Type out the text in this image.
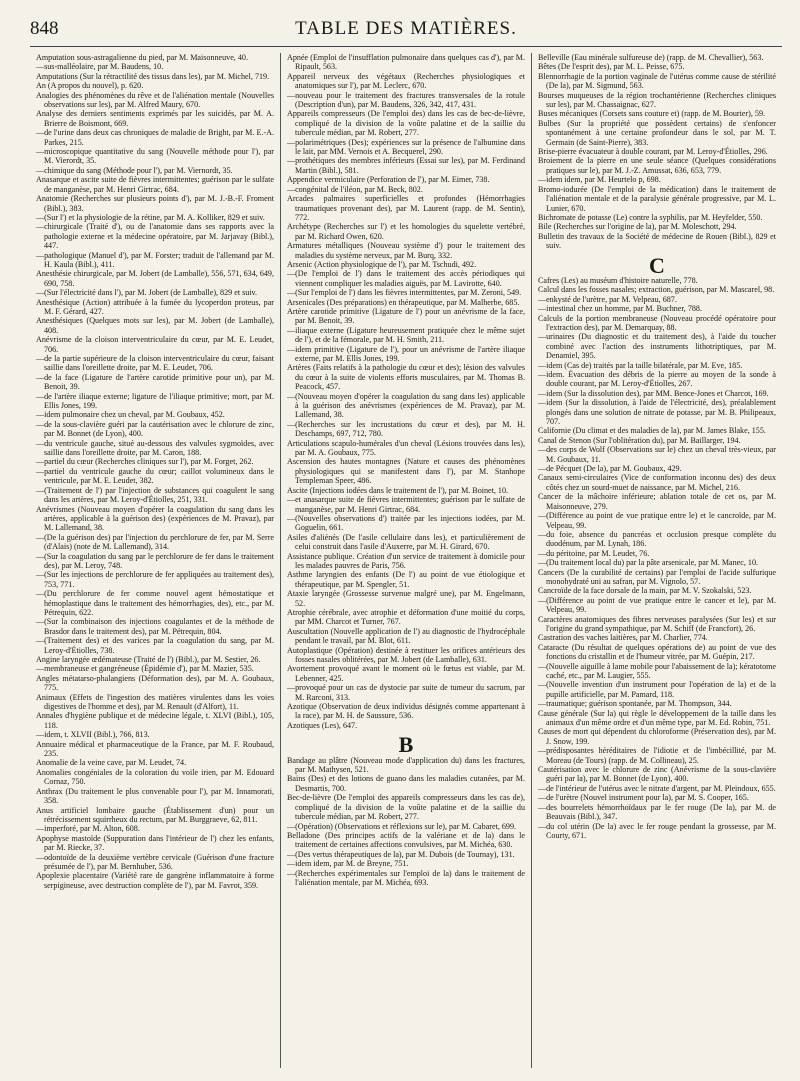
848	TABLE DES MATIÈRES.

Amputation sous-astragalienne du pied, par M. Maisonneuve, 40.

—sus-malléolaire, par M. Baudens, 10.

Amputations (Sur la rétractilité des tissus dans les), par M. Michel, 719.

An (A propos du nouvel), p. 620.

Analogies des phénomènes du rêve et de l'aliénation mentale (Nouvelles observations sur les), par M. Alfred Maury, 670.

Analyse des derniers sentiments exprimés par les suicidés, par M. A. Brierre de Boismont, 669.

—de l'urine dans deux cas chroniques de maladie de Bright, par M. E.-A. Parkes, 215.

—microscopique quantitative du sang (Nouvelle méthode pour l'), par M. Vierordt, 35.

—chimique du sang (Méthode pour l'), par M. Viernordt, 35.

Anasarque et ascite suite de fièvres intermittentes; guérison par le sulfate de manganèse, par M. Henri Girtrac, 684.

Anatomie (Recherches sur plusieurs points d'), par M. J.-B.-F. Froment (Bibl.), 383.

—(Sur l') et la physiologie de la rétine, par M. A. Kolliker, 829 et suiv.

—chirurgicale (Traité d'), ou de l'anatomie dans ses rapports avec la pathologie externe et la médecine opératoire, par M. Jarjavay (Bibl.), 447.

—pathologique (Manuel d'), par M. Forster; traduit de l'allemand par M. H. Kaula (Bibl.), 411.

Anesthésie chirurgicale, par M. Jobert (de Lamballe), 556, 571, 634, 649, 690, 758.

—(Sur l'électricité dans l'), par M. Jobert (de Lamballe), 829 et suiv.

Anesthésique (Action) attribuée à la fumée du lycoperdon proteus, par M. F. Gérard, 427.

Anesthésiques (Quelques mots sur les), par M. Jobert (de Lamballe), 408.

Anévrisme de la cloison interventriculaire du cœur, par M. E. Leudet, 706.

—de la partie supérieure de la cloison interventriculaire du cœur, faisant saillie dans l'oreillette droite, par M. E. Leudet, 706.

—de la face (Ligature de l'artère carotide primitive pour un), par M. Benoit, 39.

—de l'artère iliaque externe; ligature de l'iliaque primitive; mort, par M. Ellis Jones, 199.

—idem pulmonaire chez un cheval, par M. Goubaux, 452.

—de la sous-clavière guéri par la cautérisation avec le chlorure de zinc, par M. Bonnet (de Lyon), 400.

—du ventricule gauche, situé au-dessous des valvules sygmoïdes, avec saillie dans l'oreillette droite, par M. Caron, 188.

—partiel du cœur (Recherches cliniques sur l'), par M. Forget, 262.

—partiel du ventricule gauche du cœur; caillot volumineux dans le ventricule, par M. E. Leudet, 382.

—(Traitement de l') par l'injection de substances qui coagulent le sang dans les artères, par M. Leroy-d'Étiolles, 251, 331.

Anévrismes (Nouveau moyen d'opérer la coagulation du sang dans les artères, applicable à la guérison des) (expériences de M. Pravaz), par M. Lallemand, 38.

—(De la guérison des) par l'injection du perchlorure de fer, par M. Serre (d'Alais) (note de M. Lallemand), 314.

—(Sur la coagulation du sang par le perchlorure de fer dans le traitement des), par M. Leroy, 748.

—(Sur les injections de perchlorure de fer appliquées au traitement des), 753, 771.

—(Du perchlorure de fer comme nouvel agent hémostatique et hémoplastique dans le traitement des hémorrhagies, des), etc., par M. Pétrequin, 622.

—(Sur la combinaison des injections coagulantes et de la méthode de Brasdor dans le traitement des), par M. Pétrequin, 804.

—(Traitement des) et des varices par la coagulation du sang, par M. Leroy-d'Étiolles, 738.

Angine laryngée œdémateuse (Traité de l') (Bibl.), par M. Sestier, 26.

—membraneuse et gangréneuse (Épidémie d'), par M. Mazier, 535.

Angles métatarso-phalangiens (Déformation des), par M. A. Goubaux, 775.

Animaux (Effets de l'ingestion des matières virulentes dans les voies digestives de l'homme et des), par M. Renault (d'Alfort), 11.

Annales d'hygiène publique et de médecine légale, t. XLVI (Bibl.), 105, 118.

—idem, t. XLVII (Bibl.), 766, 813.

Annuaire médical et pharmaceutique de la France, par M. F. Roubaud, 235.

Anomalie de la veine cave, par M. Leudet, 74.

Anomalies congéniales de la coloration du voile irien, par M. Edouard Cornaz, 750.

Anthrax (Du traitement le plus convenable pour l'), par M. Innamorati, 358.

Anus artificiel lombaire gauche (Établissement d'un) pour un rétrécissement squirrheux du rectum, par M. Burggraeve, 62, 811.

—imperforé, par M. Alton, 608.

Apophyse mastoïde (Suppuration dans l'intérieur de l') chez les enfants, par M. Riecke, 37.

—odontoïde de la deuxième vertèbre cervicale (Guérison d'une fracture présumée de l'), par M. Bernhuber, 536.

Apoplexie placentaire (Variété rare de gangrène inflammatoire à forme serpigineuse, avec destruction complète de l'), par M. Favrot, 359.

Apnée (Emploi de l'insufflation pulmonaire dans quelques cas d'), par M. Ripault, 563.

Appareil nerveux des végétaux (Recherches physiologiques et anatomiques sur l'), par M. Leclerc, 670.

—nouveau pour le traitement des fractures transversales de la rotule (Description d'un), par M. Baudens, 326, 342, 417, 431.

Appareils compresseurs (De l'emploi des) dans les cas de bec-de-lièvre, compliqué de la division de la voûte palatine et de la saillie du tubercule médian, par M. Robert, 277.

—polarimétriques (Des); expériences sur la présence de l'albumine dans le lait, par MM. Vernois et A. Becquerel, 290.

—prothétiques des membres inférieurs (Essai sur les), par M. Ferdinand Martin (Bibl.), 581.

Appendice vermiculaire (Perforation de l'), par M. Eimer, 738.

—congénital de l'iléon, par M. Beck, 802.

Arcades palmaires superficielles et profondes (Hémorrhagies traumatiques provenant des), par M. Laurent (rapp. de M. Sentin), 772.

Archétype (Recherches sur l') et les homologies du squelette vertébré, par M. Richard Owen, 620.

Armatures métalliques (Nouveau système d') pour le traitement des maladies du système nerveux, par M. Burq, 332.

Arsenic (Action physiologique de l'), par M. Tschudi, 492.

—(De l'emploi de l') dans le traitement des accès périodiques qui viennent compliquer les maladies aiguës, par M. Lavirotte, 640.

—(Sur l'emploi de l') dans les fièvres intermittentes, par M. Zeroni, 549.

Arsenicales (Des préparations) en thérapeutique, par M. Malherbe, 685.

Artère carotide primitive (Ligature de l') pour un anévrisme de la face, par M. Benoit, 39.

—iliaque externe (Ligature heureusement pratiquée chez le même sujet de l'), et de la fémorale, par M. H. Smith, 211.

—idem primitive (Ligature de l'), pour un anévrisme de l'artère iliaque externe, par M. Ellis Jones, 199.

Artères (Faits relatifs à la pathologie du cœur et des); lésion des valvules du cœur à la suite de violents efforts musculaires, par M. Thomas B. Peacock, 457.

—(Nouveau moyen d'opérer la coagulation du sang dans les) applicable à la guérison des anévrismes (expériences de M. Pravaz), par M. Lallemand, 38.

—(Recherches sur les incrustations du cœur et des), par M. H. Deschamps, 697, 712, 780.

Articulations scapulo-humérales d'un cheval (Lésions trouvées dans les), par M. A. Goubaux, 775.

Ascension des hautes montagnes (Nature et causes des phénomènes physiologiques qui se manifestent dans l'), par M. Stanhope Templeman Speer, 486.

Ascite (Injections iodées dans le traitement de l'), par M. Boinet, 10.

—et anasarque suite de fièvres intermittentes; guérison par le sulfate de manganèse, par M. Henri Girtrac, 684.

—(Nouvelles observations d') traitée par les injections iodées, par M. Goguelin, 661.

Asiles d'aliénés (De l'asile cellulaire dans les), et particulièrement de celui construit dans l'asile d'Auxerre, par M. H. Girard, 670.

Assistance publique. Création d'un service de traitement à domicile pour les malades pauvres de Paris, 756.

Asthme laryngien des enfants (De l') au point de vue étiologique et thérapeutique, par M. Spengler, 51.

Ataxie laryngée (Grossesse survenue malgré une), par M. Engelmann, 52.

Atrophie cérébrale, avec atrophie et déformation d'une moitié du corps, par MM. Charcot et Turner, 767.

Auscultation (Nouvelle application de l') au diagnostic de l'hydrocéphale pendant le travail, par M. Blot, 611.

Autoplastique (Opération) destinée à restituer les orifices antérieurs des fosses nasales oblitérées, par M. Jobert (de Lamballe), 631.

Avortement provoqué avant le moment où le fœtus est viable, par M. Lebenner, 425.

—provoqué pour un cas de dystocie par suite de tumeur du sacrum, par M. Rarconi, 313.

Azotique (Observation de deux individus désignés comme appartenant à la race), par M. H. de Saussure, 536.

Azotiques (Les), 647.

B

Bandage au plâtre (Nouveau mode d'application du) dans les fractures, par M. Mathysen, 521.

Bains (Des) et des lotions de guano dans les maladies cutanées, par M. Desmartis, 700.

Bec-de-lièvre (De l'emploi des appareils compresseurs dans les cas de), compliqué de la division de la voûte palatine et de la saillie du tubercule médian, par M. Robert, 277.

—(Opération) (Observations et réflexions sur le), par M. Cabaret, 699.

Belladone (Des principes actifs de la valériane et de la) dans le traitement de certaines affections convulsives, par M. Michéa, 630.

—(Des vertus thérapeutiques de la), par M. Dubois (de Tournay), 131.

—idem idem, par M. de Breyne, 751.

—(Recherches expérimentales sur l'emploi de la) dans le traitement de l'aliénation mentale, par M. Michéa, 693.

Belleville (Eau minérale sulfureuse de) (rapp. de M. Chevallier), 563.

Bêtes (De l'esprit des), par M. L. Peisse, 675.

Blennorrhagie de la portion vaginale de l'utérus comme cause de stérilité (De la), par M. Sigmund, 563.

Bourses muqueuses de la région trochantérienne (Recherches cliniques sur les), par M. Chassaignac, 627.

Buses mécaniques (Corsets sans couture et) (rapp. de M. Bourier), 59.

Bulbes (Sur la propriété que possèdent certains) de s'enfoncer spontanément à une certaine profondeur dans le sol, par M. T. Germain (de Saint-Pierre), 383.

Brise-pierre évacuateur à double courant, par M. Leroy-d'Étiolles, 296.

Broiement de la pierre en une seule séance (Quelques considérations pratiques sur le), par M. J.-Z. Amussat, 636, 653, 779.

—idem idem, par M. Heurtelo p, 698.

Bromo-iodurée (De l'emploi de la médication) dans le traitement de l'aliénation mentale et de la paralysie générale progressive, par M. L. Lunier, 670.

Bichromate de potasse (Le) contre la syphilis, par M. Heyfelder, 550.

Bile (Recherches sur l'origine de la), par M. Moleschott, 294.

Bulletin des travaux de la Société de médecine de Rouen (Bibl.), 829 et suiv.

C

Cafres (Les) au muséum d'histoire naturelle, 778.

Calcul dans les fosses nasales; extraction, guérison, par M. Mascarel, 98.

—enkysté de l'urètre, par M. Velpeau, 687.

—intestinal chez un homme, par M. Buchner, 788.

Calculs de la portion membraneuse (Nouveau procédé opératoire pour l'extraction des), par M. Demarquay, 88.

—urinaires (Du diagnostic et du traitement des), à l'aide du toucher combiné avec l'action des instruments lithotriptiques, par M. Denamiel, 395.

—idem (Cas de) traités par la taille bilatérale, par M. Eve, 185.

—idem. Évacuation des débris de la pierre au moyen de la sonde à double courant, par M. Leroy-d'Étiolles, 267.

—idem (Sur la dissolution des), par MM. Bence-Jones et Charcot, 169.

—idem (Sur la dissolution, à l'aide de l'électricité, des), préalablement plongés dans une solution de nitrate de potasse, par M. B. Philipeaux, 707.

Californie (Du climat et des maladies de la), par M. James Blake, 155.

Canal de Stenon (Sur l'oblitération du), par M. Baillarger, 194.

—des corps de Wolf (Observations sur le) chez un cheval très-vieux, par M. Goubaux, 11.

—de Pécquet (De la), par M. Goubaux, 429.

Canaux semi-circulaires (Vice de conformation inconnu des) des deux côtés chez un sourd-muet de naissance, par M. Michel, 216.

Cancer de la mâchoire inférieure; ablation totale de cet os, par M. Maisonneuve, 279.

—(Différence au point de vue pratique entre le) et le cancroïde, par M. Velpeau, 99.

—du foie, absence du pancréas et occlusion presque complète du duodénum, par M. Lynah, 186.

—du péritoine, par M. Leudet, 76.

—(Du traitement local du) par la pâte arsenicale, par M. Manec, 10.

Cancers (De la curabilité de certains) par l'emploi de l'acide sulfurique monohydraté uni au safran, par M. Vignolo, 57.

Cancroïde de la face dorsale de la main, par M. V. Szokalski, 523.

—(Différence au point de vue pratique entre le cancer et le), par M. Velpeau, 99.

Caractères anatomiques des fibres nerveuses paralysées (Sur les) et sur l'origine du grand sympathique, par M. Schiff (de Francfort), 26.

Castration des vaches laitières, par M. Charlier, 774.

Cataracte (Du résultat de quelques opérations de) au point de vue des fonctions du cristallin et de l'humeur vitrée, par M. Guépin, 217.

—(Nouvelle aiguille à lame mobile pour l'abaissement de la); kératotome caché, etc., par M. Laugier, 555.

—(Nouvelle invention d'un instrument pour l'opération de la) et de la pupille artificielle, par M. Pamard, 118.

—traumatique; guérison spontanée, par M. Thompson, 344.

Cause générale (Sur la) qui règle le développement de la taille dans les animaux d'un même ordre et d'un même type, par M. Ed. Robin, 751.

Causes de mort qui dépendent du chloroforme (Préservation des), par M. J. Snow, 199.

—prédisposantes héréditaires de l'idiotie et de l'imbécillité, par M. Moreau (de Tours) (rapp. de M. Collineau), 25.

Cautérisation avec le chlorure de zinc (Anévrisme de la sous-clavière guéri par la), par M. Bonnet (de Lyon), 400.

—de l'intérieur de l'utérus avec le nitrate d'argent, par M. Pleindoux, 655.

—de l'urètre (Nouvel instrument pour la), par M. S. Cooper, 165.

—des bourrelets hémorrhoïdaux par le fer rouge (De la), par M. de Beauvais (Bibl.), 347.

—du col utérin (De la) avec le fer rouge pendant la grossesse, par M. Courty, 671.
